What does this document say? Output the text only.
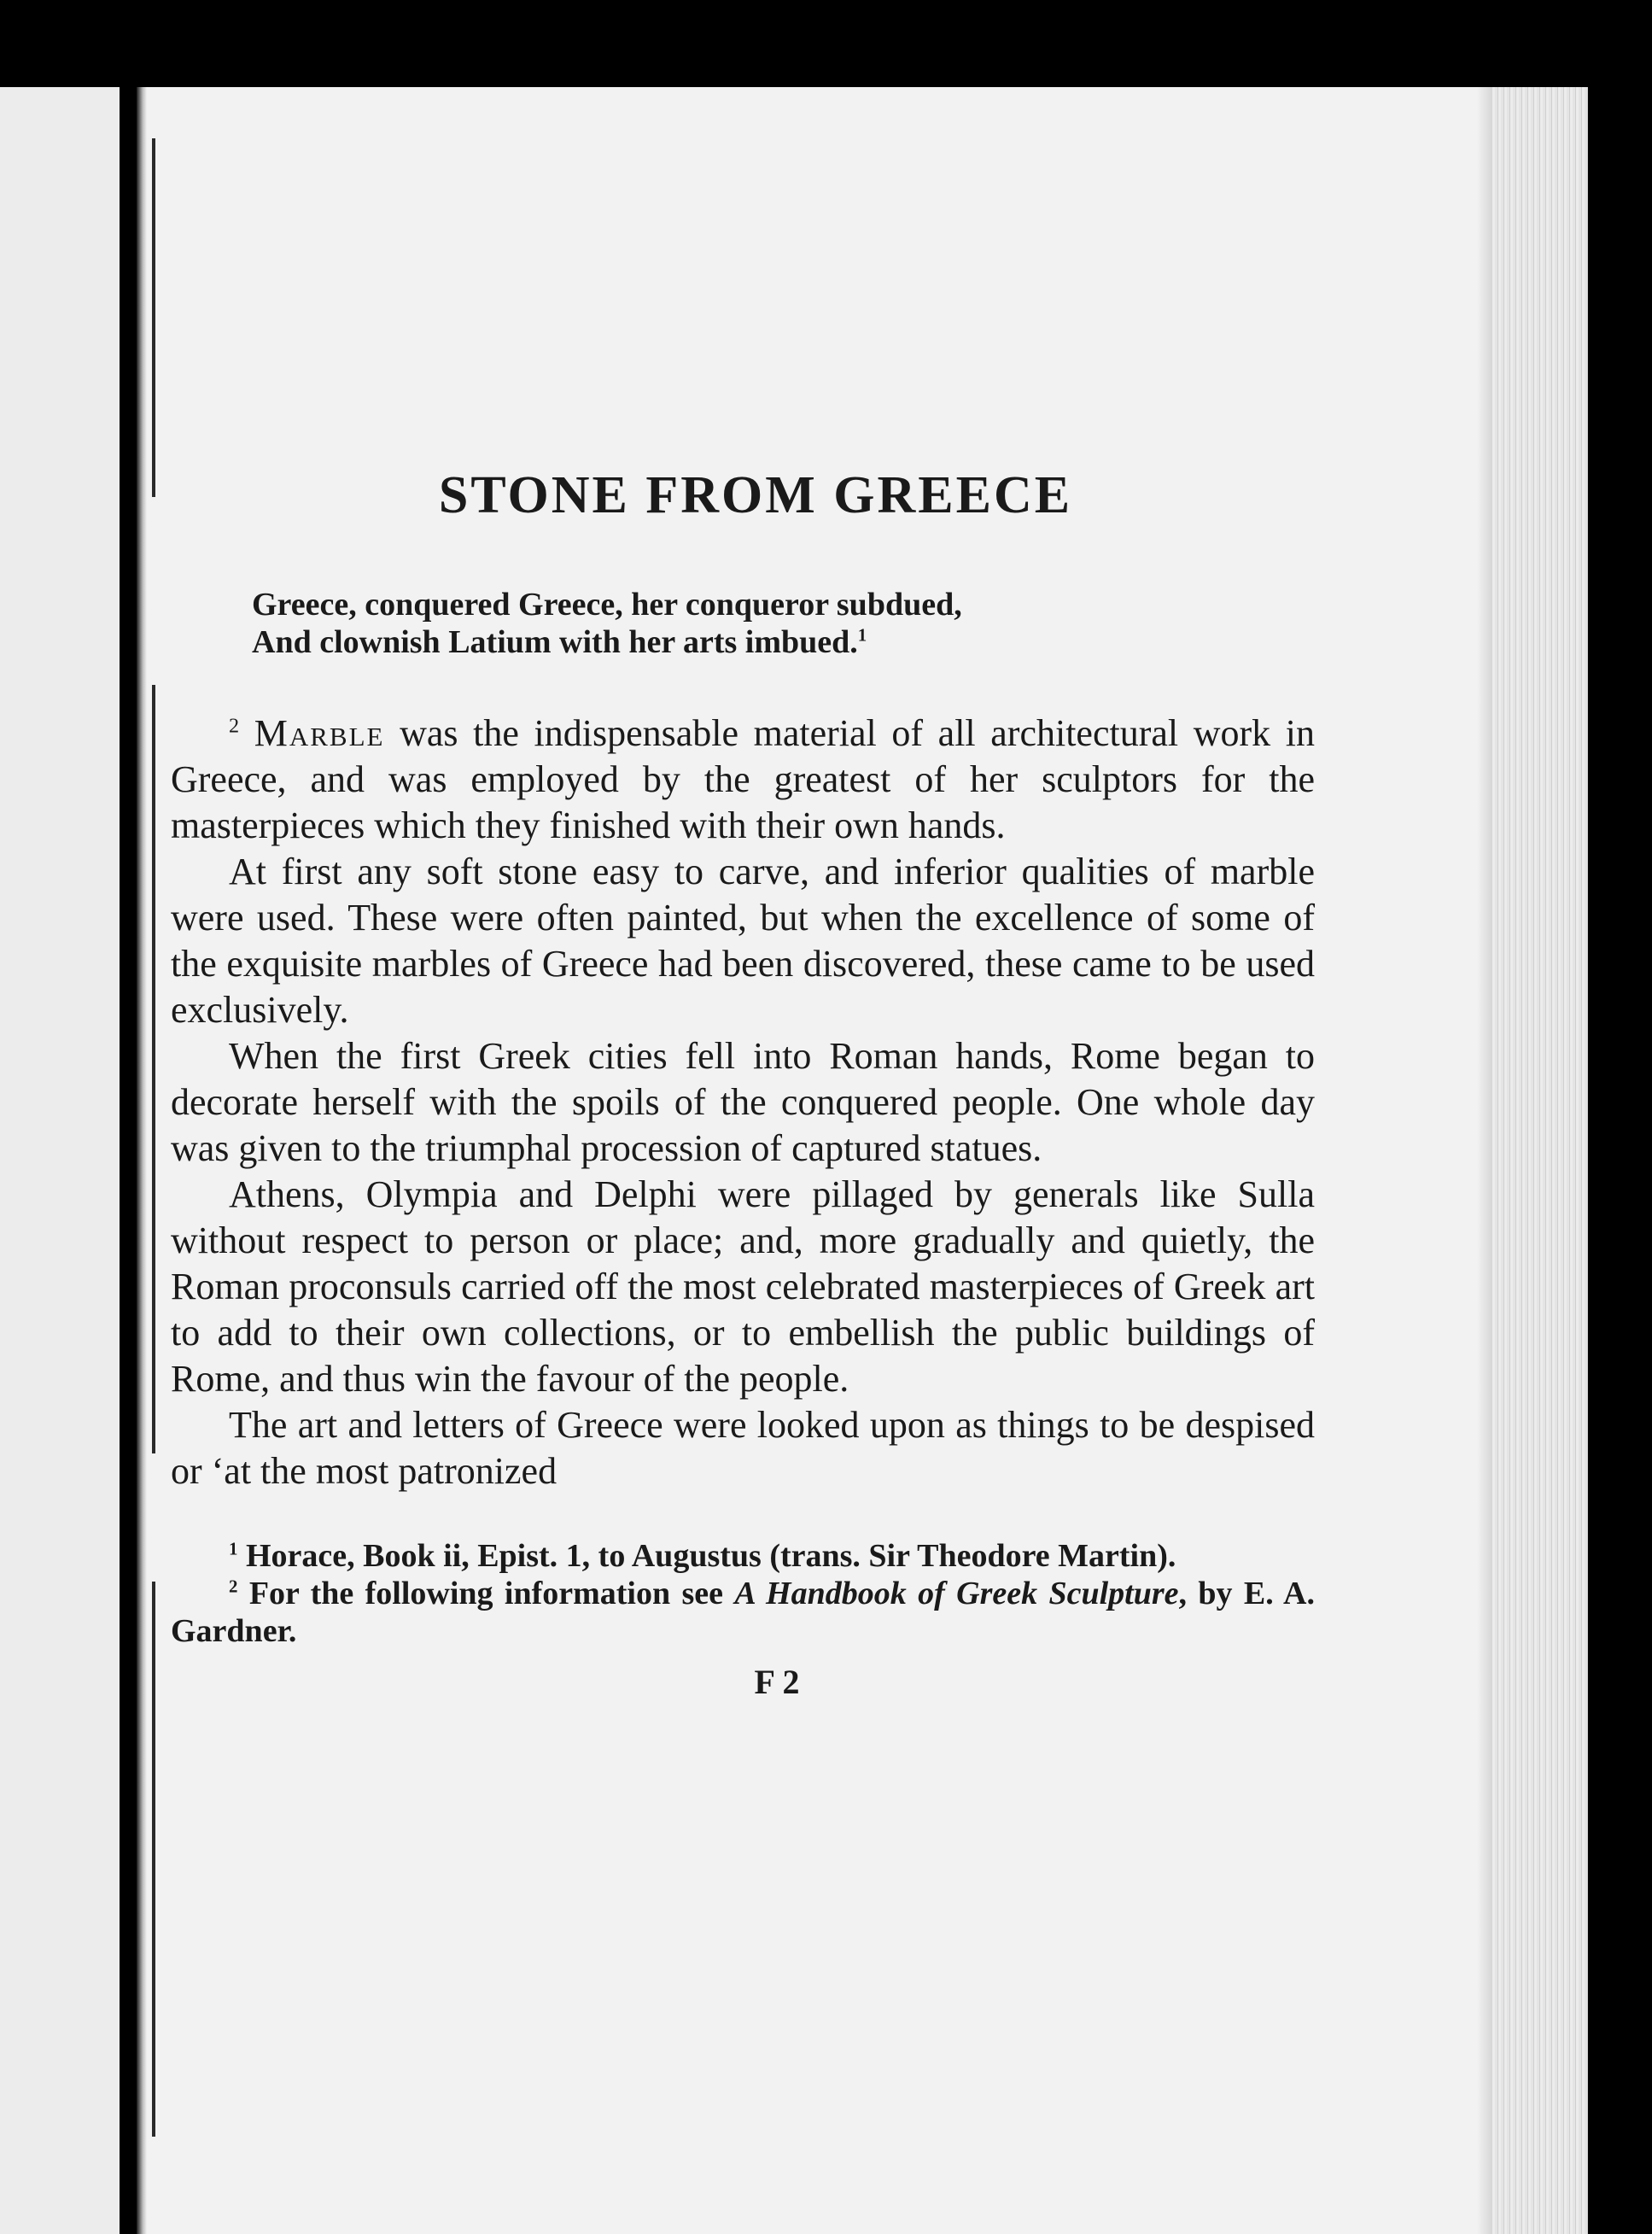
STONE FROM GREECE
Greece, conquered Greece, her conqueror subdued,
And clownish Latium with her arts imbued.$^1$

$^2$ Marble was the indispensable material of all architectural work in Greece, and was employed by the greatest of her sculptors for the masterpieces which they finished with their own hands.

At first any soft stone easy to carve, and inferior qualities of marble were used. These were often painted, but when the excellence of some of the exquisite marbles of Greece had been discovered, these came to be used exclusively.

When the first Greek cities fell into Roman hands, Rome began to decorate herself with the spoils of the conquered people. One whole day was given to the triumphal procession of captured statues.

Athens, Olympia and Delphi were pillaged by generals like Sulla without respect to person or place; and, more gradually and quietly, the Roman proconsuls carried off the most celebrated masterpieces of Greek art to add to their own collections, or to embellish the public buildings of Rome, and thus win the favour of the people.

The art and letters of Greece were looked upon as things to be despised or ‘at the most patronized

$^1$ Horace, Book ii, Epist. 1, to Augustus (trans. Sir Theodore Martin).

$^2$ For the following information see A Handbook of Greek Sculpture, by E. A. Gardner.

F 2
